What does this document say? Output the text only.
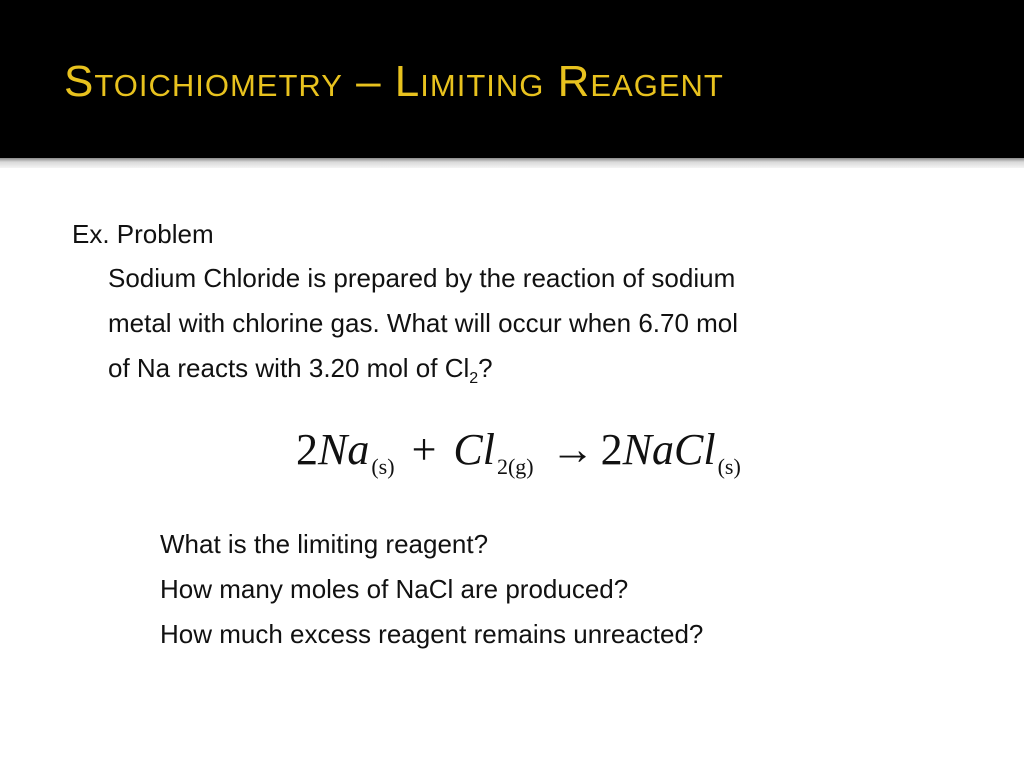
Stoichiometry – Limiting Reagent
Ex. Problem
Sodium Chloride is prepared by the reaction of sodium
metal with chlorine gas. What will occur when 6.70 mol
of Na reacts with 3.20 mol of $Cl_2$?
$2Na_{(s)} + Cl_{2(g)}$ → 2NaCl$_{(s)}$
What is the limiting reagent?
How many moles of NaCl are produced?
How much excess reagent remains unreacted?
